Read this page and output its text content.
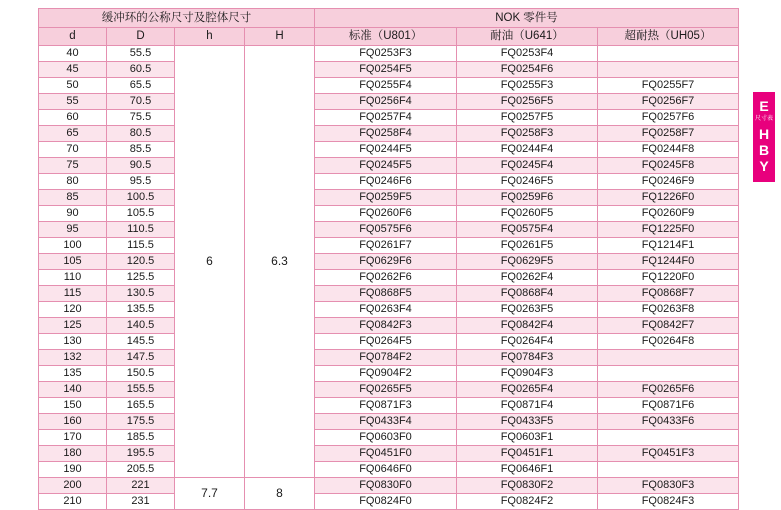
缓冲环的公称尺寸及腔体尺寸				NOK 零件号		
d	D	h	H	标准（U801）	耐油（U641）	超耐热（UH05）
40	55.5	6	6.3	FQ0253F3	FQ0253F4	
45	60.5			FQ0254F5	FQ0254F6	
50	65.5			FQ0255F4	FQ0255F3	FQ0255F7
55	70.5			FQ0256F4	FQ0256F5	FQ0256F7
60	75.5			FQ0257F4	FQ0257F5	FQ0257F6
65	80.5			FQ0258F4	FQ0258F3	FQ0258F7
70	85.5			FQ0244F5	FQ0244F4	FQ0244F8
75	90.5			FQ0245F5	FQ0245F4	FQ0245F8
80	95.5			FQ0246F6	FQ0246F5	FQ0246F9
85	100.5			FQ0259F5	FQ0259F6	FQ1226F0
90	105.5			FQ0260F6	FQ0260F5	FQ0260F9
95	110.5			FQ0575F6	FQ0575F4	FQ1225F0
100	115.5			FQ0261F7	FQ0261F5	FQ1214F1
105	120.5			FQ0629F6	FQ0629F5	FQ1244F0
110	125.5			FQ0262F6	FQ0262F4	FQ1220F0
115	130.5			FQ0868F5	FQ0868F4	FQ0868F7
120	135.5			FQ0263F4	FQ0263F5	FQ0263F8
125	140.5			FQ0842F3	FQ0842F4	FQ0842F7
130	145.5			FQ0264F5	FQ0264F4	FQ0264F8
132	147.5			FQ0784F2	FQ0784F3	
135	150.5			FQ0904F2	FQ0904F3	
140	155.5			FQ0265F5	FQ0265F4	FQ0265F6
150	165.5			FQ0871F3	FQ0871F4	FQ0871F6
160	175.5			FQ0433F4	FQ0433F5	FQ0433F6
170	185.5			FQ0603F0	FQ0603F1	
180	195.5			FQ0451F0	FQ0451F1	FQ0451F3
190	205.5			FQ0646F0	FQ0646F1	
200	221	7.7	8	FQ0830F0	FQ0830F2	FQ0830F3
210	231			FQ0824F0	FQ0824F2	FQ0824F3
E
尺寸表
H
B
Y
